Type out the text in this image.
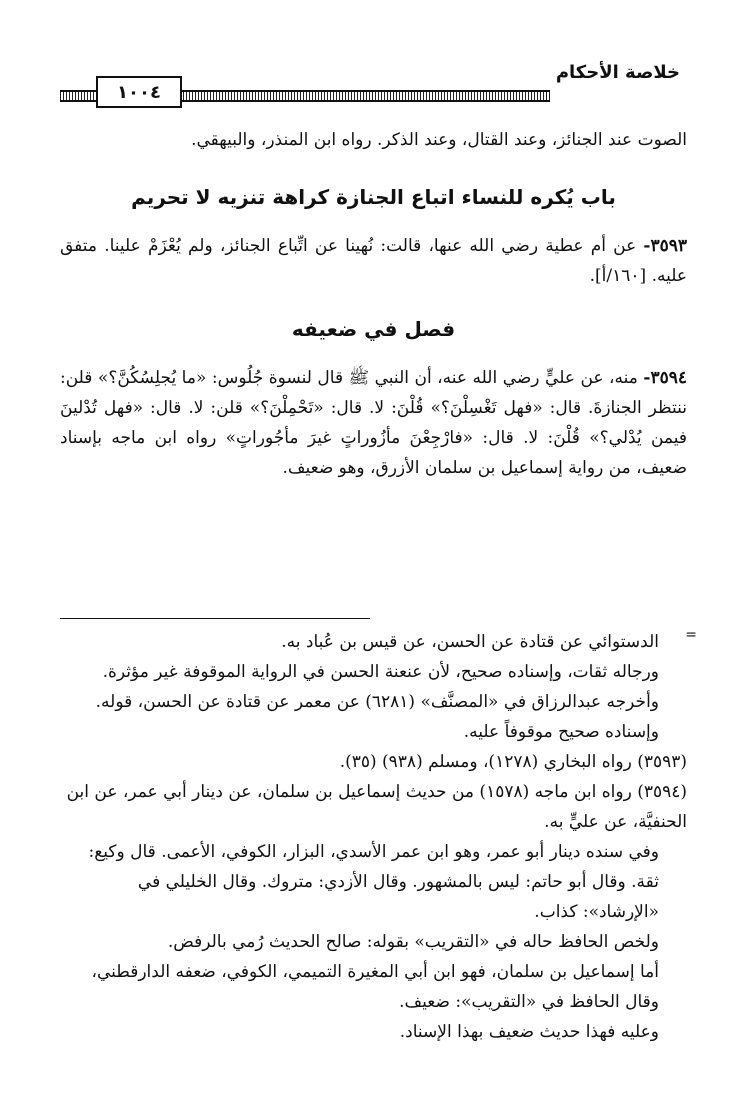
خلاصة الأحكام
١٠٠٤

الصوت عند الجنائز، وعند القتال، وعند الذكر. رواه ابن المنذر، والبيهقي.

باب يُكره للنساء اتباع الجنازة كراهة تنزيه لا تحريم

٣٥٩٣- عن أم عطية رضي الله عنها، قالت: نُهينا عن اتِّباع الجنائز، ولم يُعْزَمْ علينا. متفق عليه. [١٦٠/أ].

فصل في ضعيفه

٣٥٩٤- منه، عن عليٍّ رضي الله عنه، أن النبي ﷺ قال لنسوة جُلُوس: «ما يُجلِسُكُنَّ؟» قلن: ننتظر الجنازةَ. قال: «فهل تَغْسِلْنَ؟» قُلْنَ: لا. قال: «تَحْمِلْنَ؟» قلن: لا. قال: «فهل تُدْلينَ فيمن يُدْلي؟» قُلْنَ: لا. قال: «فارْجِعْنَ مأزُوراتٍ غيرَ مأجُوراتٍ» رواه ابن ماجه بإسناد ضعيف، من رواية إسماعيل بن سلمان الأزرق، وهو ضعيف.

=

الدستوائي عن قتادة عن الحسن، عن قيس بن عُباد به.

ورجاله ثقات، وإسناده صحيح، لأن عنعنة الحسن في الرواية الموقوفة غير مؤثرة.

وأخرجه عبدالرزاق في «المصنَّف» (٦٢٨١) عن معمر عن قتادة عن الحسن، قوله.

وإسناده صحيح موقوفاً عليه.

(٣٥٩٣) رواه البخاري (١٢٧٨)، ومسلم (٩٣٨) (٣٥).

(٣٥٩٤) رواه ابن ماجه (١٥٧٨) من حديث إسماعيل بن سلمان، عن دينار أبي عمر، عن ابن الحنفيَّة، عن عليٍّ به.

وفي سنده دينار أبو عمر، وهو ابن عمر الأسدي، البزار، الكوفي، الأعمى. قال وكيع: ثقة. وقال أبو حاتم: ليس بالمشهور. وقال الأزدي: متروك. وقال الخليلي في «الإرشاد»: كذاب.

ولخص الحافظ حاله في «التقريب» بقوله: صالح الحديث رُمي بالرفض.

أما إسماعيل بن سلمان، فهو ابن أبي المغيرة التميمي، الكوفي، ضعفه الدارقطني، وقال الحافظ في «التقريب»: ضعيف.

وعليه فهذا حديث ضعيف بهذا الإسناد.
